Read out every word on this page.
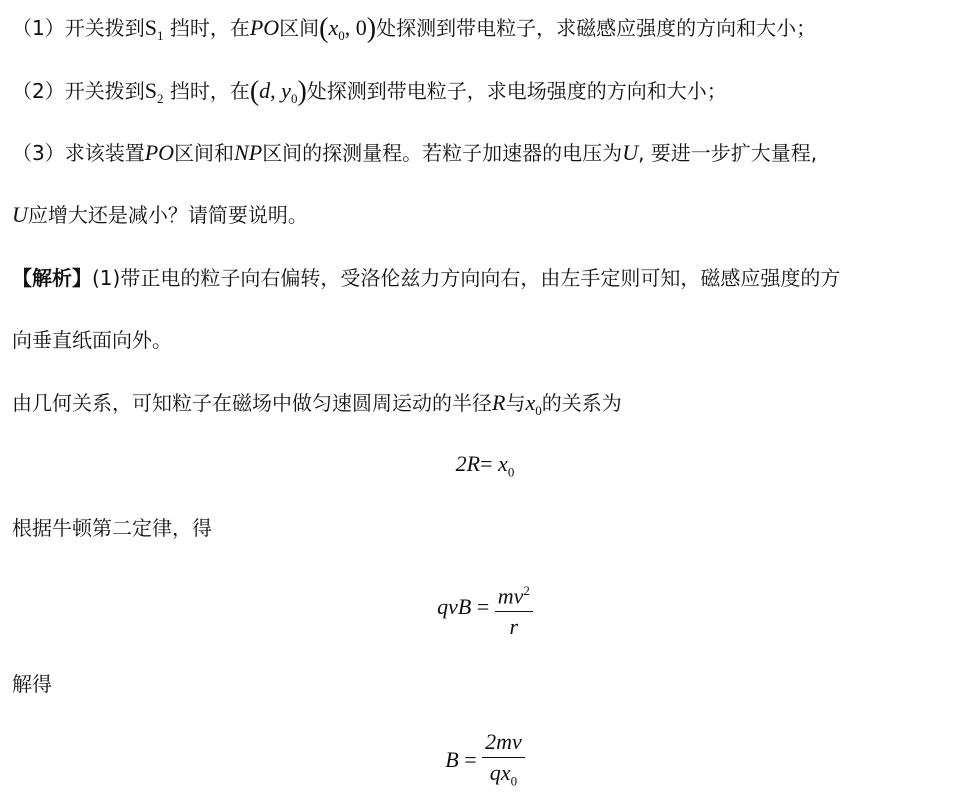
（1）开关拨到$S_1$ 挡时，在PO区间($x_0$, 0)处探测到带电粒子，求磁感应强度的方向和大小；
（2）开关拨到$S_2$ 挡时，在(d, $y_0$)处探测到带电粒子，求电场强度的方向和大小；
（3）求该装置PO区间和NP区间的探测量程。若粒子加速器的电压为U, 要进一步扩大量程,
U应增大还是减小？请简要说明。
【解析】(1)带正电的粒子向右偏转，受洛伦兹力方向向右，由左手定则可知，磁感应强度的方
向垂直纸面向外。
由几何关系，可知粒子在磁场中做匀速圆周运动的半径R与$x_0$的关系为
$2R= x_0$
根据牛顿第二定律，得
qvB = $\frac{mv^2}{r}$
解得
$B = \frac{2mv}{qx_0}$
